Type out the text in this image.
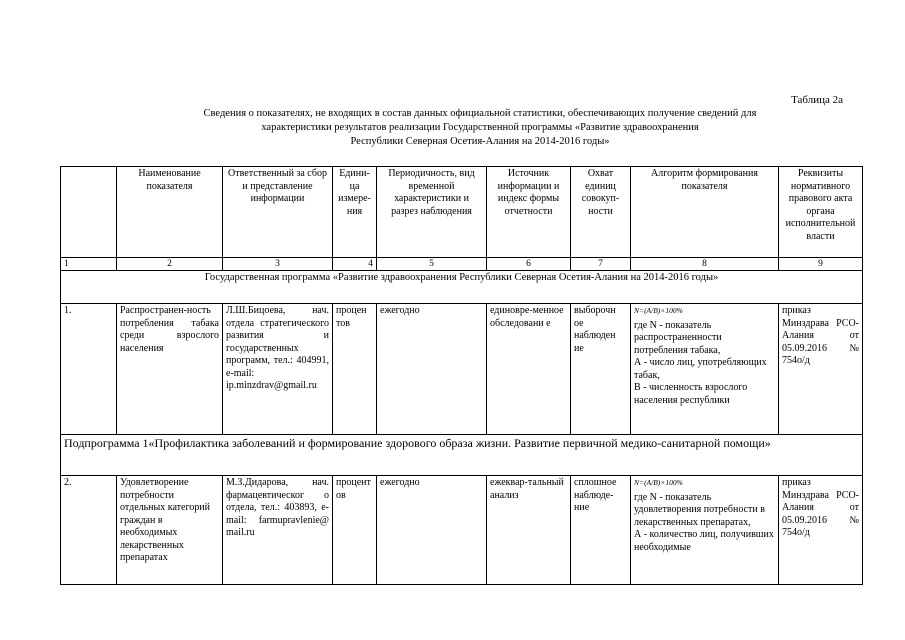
Таблица 2а
Сведения о показателях, не входящих в состав данных официальной статистики, обеспечивающих получение сведений для
характеристики результатов реализации Государственной программы «Развитие здравоохранения
Республики Северная Осетия-Алания на 2014-2016 годы»
	Наименование показателя	Ответственный за сбор и представление информации	Едини-ца измере-ния	Периодичность, вид временной характеристики и разрез наблюдения	Источник информации и индекс формы отчетности	Охват единиц совокуп-ности	Алгоритм формирования показателя	Реквизиты нормативного правового акта органа исполнительной власти
1	2	3	4	5	6	7	8	9
Государственная программа «Развитие здравоохранения Республики Северная Осетия-Алания на 2014-2016 годы»								
1.	Распространен-ность потребления табака среди взрослого населения	Л.Ш.Бицоева, нач. отдела стратегического развития и государственных программ, тел.: 404991, e-mail: ip.minzdrav@gmail.ru	процен тов	ежегодно	единовре-менное обследовани е	выборочн ое наблюден ие	N=(A/B)×100%
где N - показатель распространенности потребления табака,
А - число лиц, употребляющих табак,
В - численность взрослого населения республики	приказ Минздрава РСО-Алания от 05.09.2016 № 754о/д
Подпрограмма 1«Профилактика заболеваний и формирование здорового образа жизни. Развитие первичной медико-санитарной помощи»								
2.	Удовлетворение потребности отдельных категорий граждан в необходимых лекарственных препаратах	М.З.Дидарова, нач. фармацевтическог о отдела, тел.: 403893, e-mail: farmupravlenie@ mail.ru	процент ов	ежегодно	ежеквар-тальный анализ	сплошное наблюде-ние	N=(A/B)×100%
где N - показатель удовлетворения потребности в лекарственных препаратах,
А - количество лиц, получивших необходимые	приказ Минздрава РСО-Алания от 05.09.2016 № 754о/д
